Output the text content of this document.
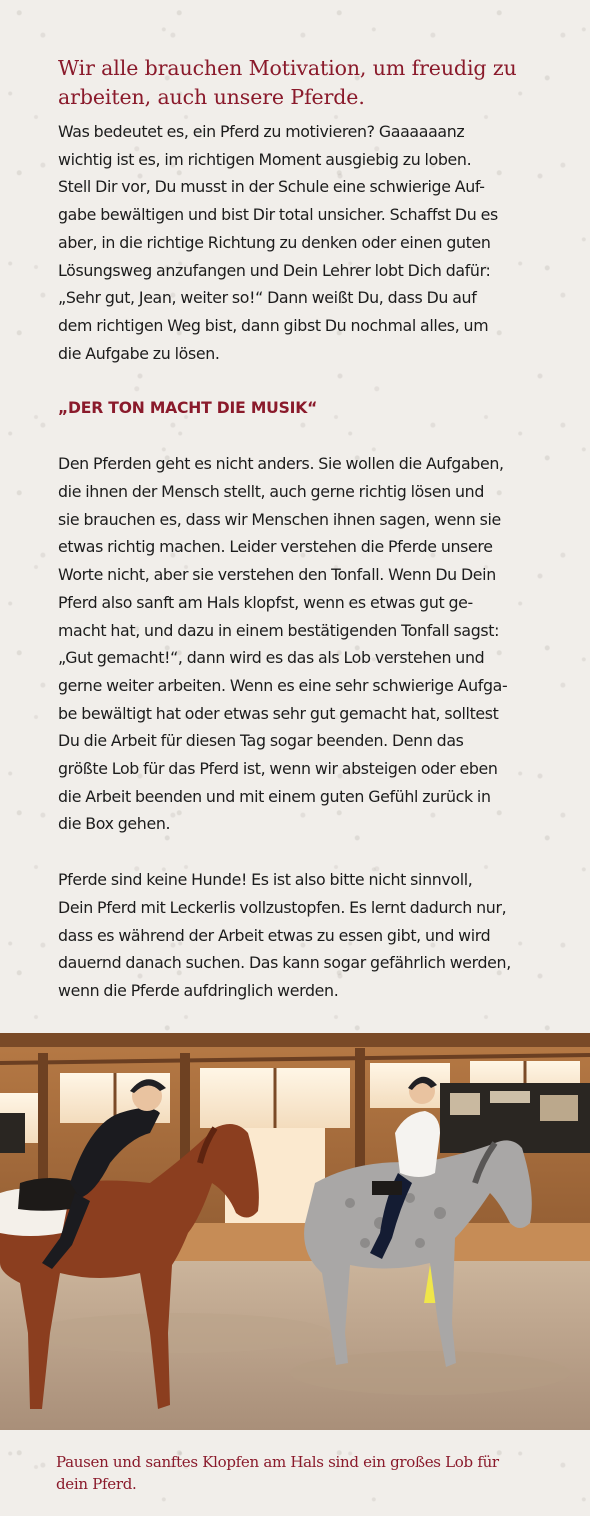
Wir alle brauchen Motivation, um freudig zu
arbeiten, auch unsere Pferde.
Was bedeutet es, ein Pferd zu motivieren? Gaaaaaanz
wichtig ist es, im richtigen Moment ausgiebig zu loben.
Stell Dir vor, Du musst in der Schule eine schwierige Auf-
gabe bewältigen und bist Dir total unsicher. Schaffst Du es
aber, in die richtige Richtung zu denken oder einen guten
Lösungsweg anzufangen und Dein Lehrer lobt Dich dafür:
„Sehr gut, Jean, weiter so!“ Dann weißt Du, dass Du auf
dem richtigen Weg bist, dann gibst Du nochmal alles, um
die Aufgabe zu lösen.
„DER TON MACHT DIE MUSIK“
Den Pferden geht es nicht anders. Sie wollen die Aufgaben,
die ihnen der Mensch stellt, auch gerne richtig lösen und
sie brauchen es, dass wir Menschen ihnen sagen, wenn sie
etwas richtig machen. Leider verstehen die Pferde unsere
Worte nicht, aber sie verstehen den Tonfall. Wenn Du Dein
Pferd also sanft am Hals klopfst, wenn es etwas gut ge-
macht hat, und dazu in einem bestätigenden Tonfall sagst:
„Gut gemacht!“, dann wird es das als Lob verstehen und
gerne weiter arbeiten. Wenn es eine sehr schwierige Aufga-
be bewältigt hat oder etwas sehr gut gemacht hat, solltest
Du die Arbeit für diesen Tag sogar beenden. Denn das
größte Lob für das Pferd ist, wenn wir absteigen oder eben
die Arbeit beenden und mit einem guten Gefühl zurück in
die Box gehen.
Pferde sind keine Hunde! Es ist also bitte nicht sinnvoll,
Dein Pferd mit Leckerlis vollzustopfen. Es lernt dadurch nur,
dass es während der Arbeit etwas zu essen gibt, und wird
dauernd danach suchen. Das kann sogar gefährlich werden,
wenn die Pferde aufdringlich werden.
Pausen und sanftes Klopfen am Hals sind ein großes Lob für
dein Pferd.
